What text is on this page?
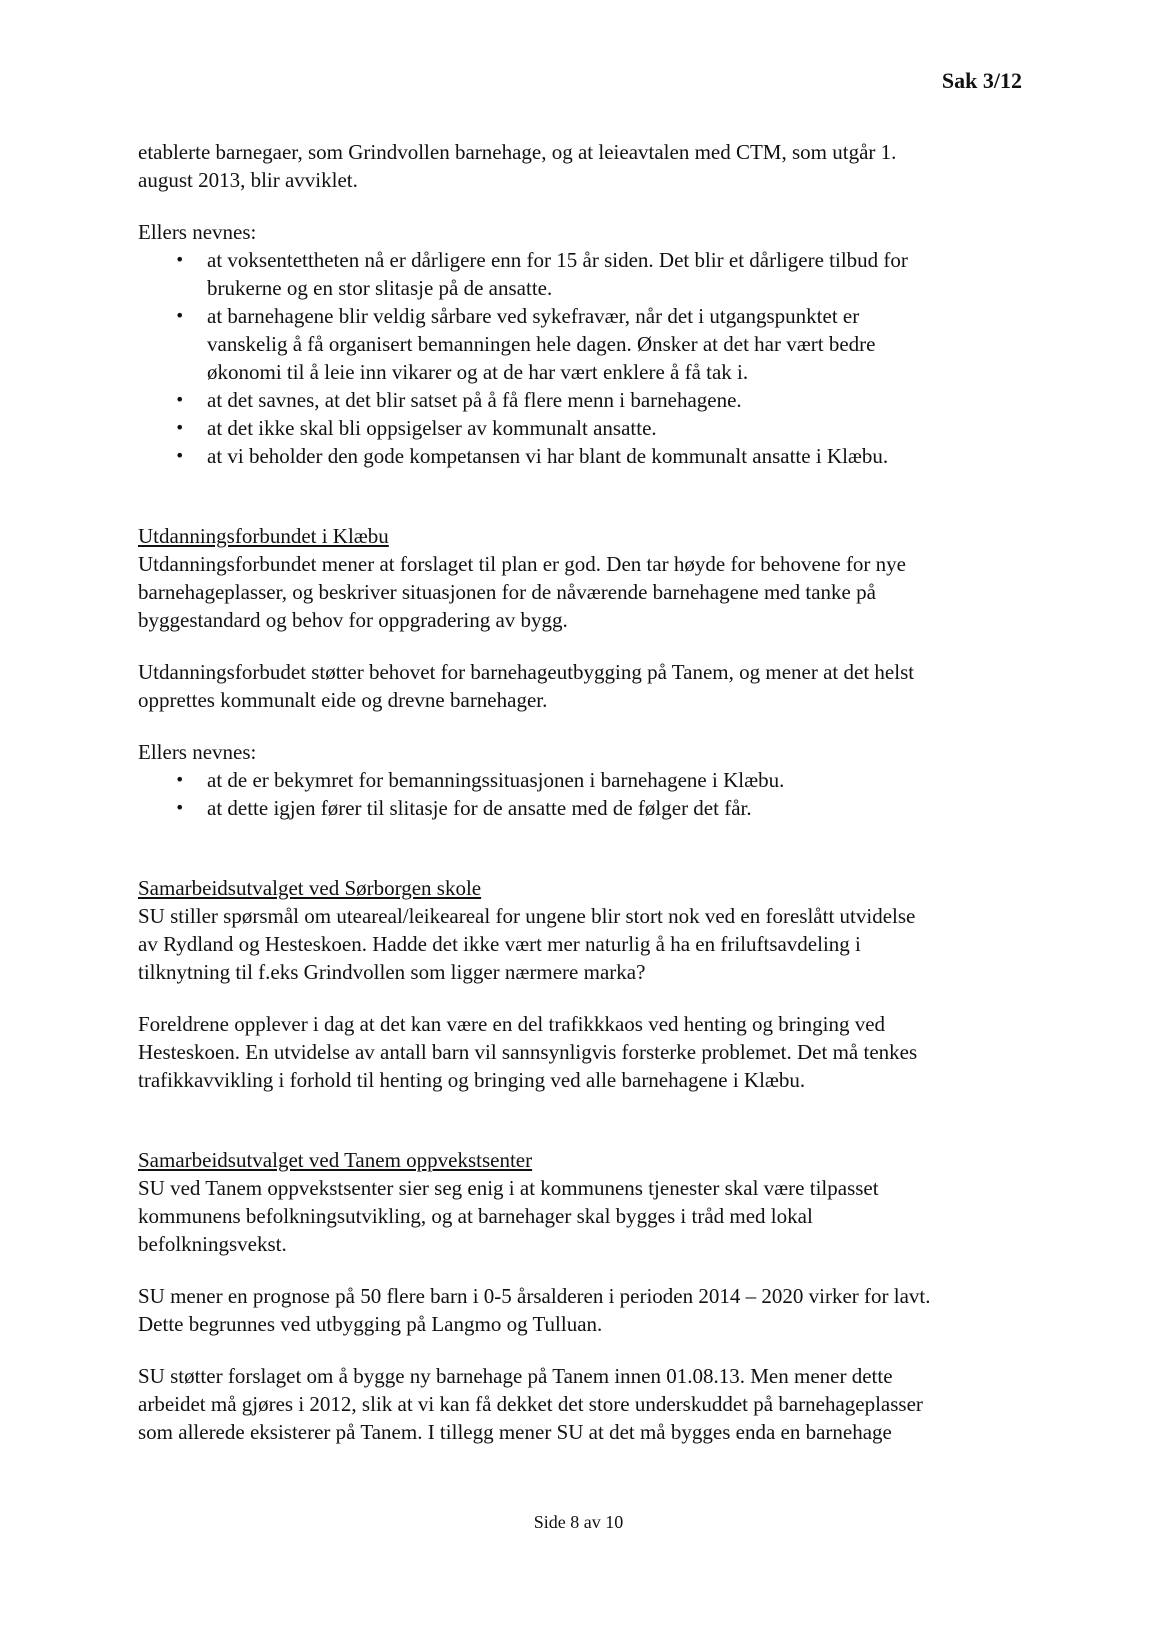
Sak 3/12

etablerte barnegaer, som Grindvollen barnehage, og at leieavtalen med CTM, som utgår 1.
august 2013, blir avviklet.

Ellers nevnes:

• at voksentettheten nå er dårligere enn for 15 år siden. Det blir et dårligere tilbud for
brukerne og en stor slitasje på de ansatte.
• at barnehagene blir veldig sårbare ved sykefravær, når det i utgangspunktet er
vanskelig å få organisert bemanningen hele dagen. Ønsker at det har vært bedre
økonomi til å leie inn vikarer og at de har vært enklere å få tak i.
• at det savnes, at det blir satset på å få flere menn i barnehagene.
• at det ikke skal bli oppsigelser av kommunalt ansatte.
• at vi beholder den gode kompetansen vi har blant de kommunalt ansatte i Klæbu.

Utdanningsforbundet i Klæbu

Utdanningsforbundet mener at forslaget til plan er god. Den tar høyde for behovene for nye
barnehageplasser, og beskriver situasjonen for de nåværende barnehagene med tanke på
byggestandard og behov for oppgradering av bygg.

Utdanningsforbudet støtter behovet for barnehageutbygging på Tanem, og mener at det helst
opprettes kommunalt eide og drevne barnehager.

Ellers nevnes:

• at de er bekymret for bemanningssituasjonen i barnehagene i Klæbu.
• at dette igjen fører til slitasje for de ansatte med de følger det får.

Samarbeidsutvalget ved Sørborgen skole

SU stiller spørsmål om uteareal/leikeareal for ungene blir stort nok ved en foreslått utvidelse
av Rydland og Hesteskoen. Hadde det ikke vært mer naturlig å ha en friluftsavdeling i
tilknytning til f.eks Grindvollen som ligger nærmere marka?

Foreldrene opplever i dag at det kan være en del trafikkkaos ved henting og bringing ved
Hesteskoen. En utvidelse av antall barn vil sannsynligvis forsterke problemet. Det må tenkes
trafikkavvikling i forhold til henting og bringing ved alle barnehagene i Klæbu.

Samarbeidsutvalget ved Tanem oppvekstsenter

SU ved Tanem oppvekstsenter sier seg enig i at kommunens tjenester skal være tilpasset
kommunens befolkningsutvikling, og at barnehager skal bygges i tråd med lokal
befolkningsvekst.

SU mener en prognose på 50 flere barn i 0-5 årsalderen i perioden 2014 – 2020 virker for lavt.
Dette begrunnes ved utbygging på Langmo og Tulluan.

SU støtter forslaget om å bygge ny barnehage på Tanem innen 01.08.13. Men mener dette
arbeidet må gjøres i 2012, slik at vi kan få dekket det store underskuddet på barnehageplasser
som allerede eksisterer på Tanem. I tillegg mener SU at det må bygges enda en barnehage

Side 8 av 10
